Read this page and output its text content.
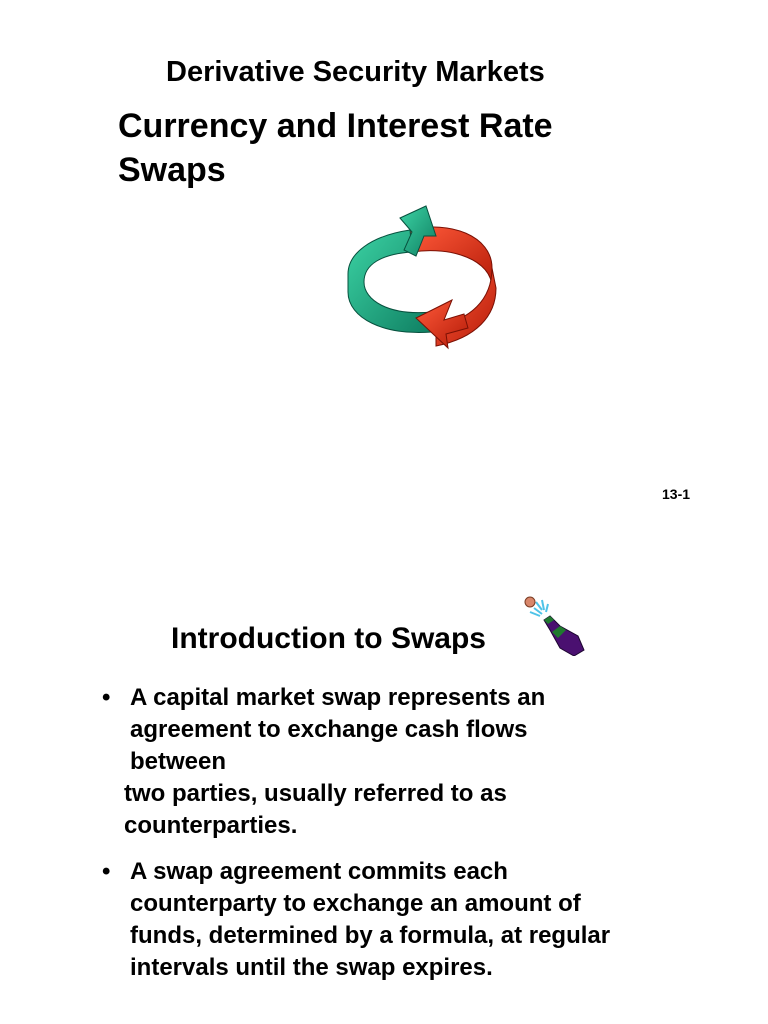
Derivative Security Markets
Currency and Interest Rate
Swaps
13-1
Introduction to Swaps
• A capital market swap represents an
agreement to exchange cash flows
between
two parties, usually referred to as
counterparties.
• A swap agreement commits each
counterparty to exchange an amount of
funds, determined by a formula, at regular
intervals until the swap expires.
